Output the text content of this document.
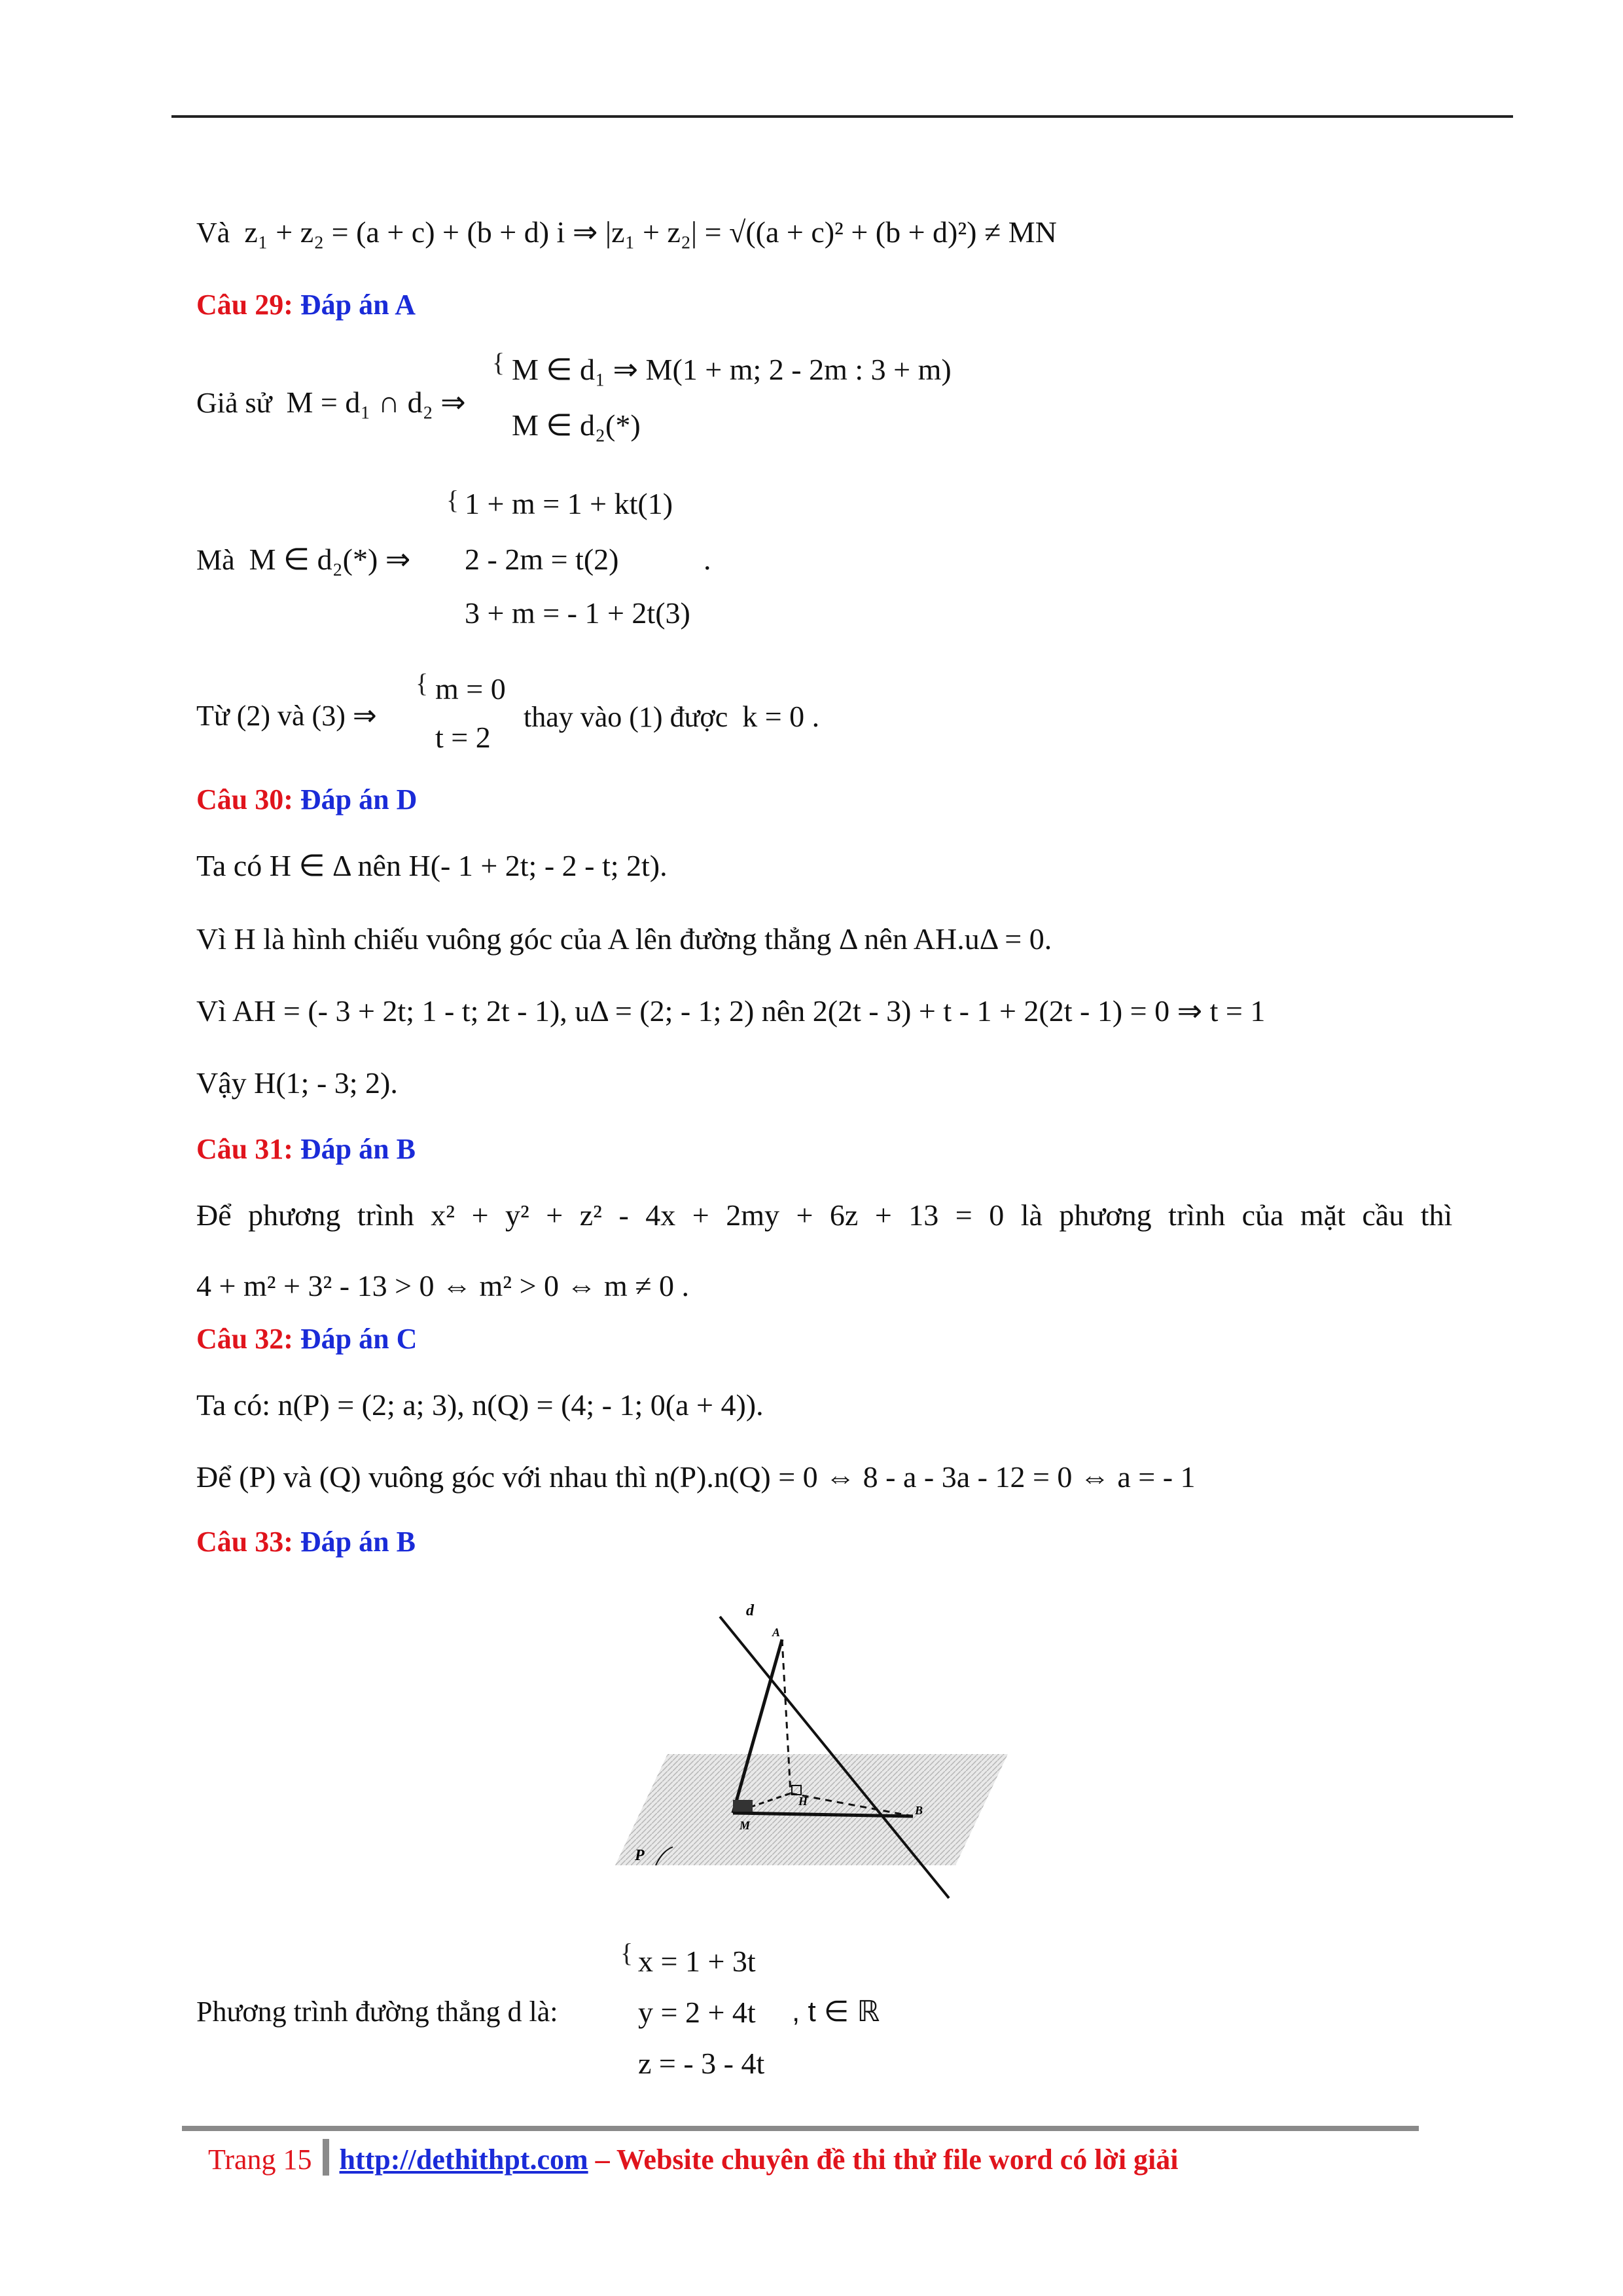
Và z₁ + z₂ = (a + c) + (b + d) i ⇒ |z₁ + z₂| = √((a + c)² + (b + d)²) ≠ MN
Câu 29: Đáp án A
Giả sử M = d₁ ∩ d₂ ⇒
{ M ∈ d₁ ⇒ M(1 + m; 2 - 2m : 3 + m)
M ∈ d₂(*)
Mà M ∈ d₂(*) ⇒
{ 1 + m = 1 + kt(1)
2 - 2m = t(2)
3 + m = - 1 + 2t(3)
.
Từ (2) và (3) ⇒
{ m = 0
t = 2
thay vào (1) được k = 0 .
Câu 30: Đáp án D
Ta có H ∈ Δ nên H(- 1 + 2t; - 2 - t; 2t).
Vì H là hình chiếu vuông góc của A lên đường thẳng Δ nên AH.uΔ = 0.
Vì AH = (- 3 + 2t; 1 - t; 2t - 1), uΔ = (2; - 1; 2) nên 2(2t - 3) + t - 1 + 2(2t - 1) = 0 ⇒ t = 1
Vậy H(1; - 3; 2).
Câu 31: Đáp án B
Để phương trình x² + y² + z² - 4x + 2my + 6z + 13 = 0 là phương trình của mặt cầu thì
4 + m² + 3² - 13 > 0 ⇔ m² > 0 ⇔ m ≠ 0 .
Câu 32: Đáp án C
Ta có: n(P) = (2; a; 3), n(Q) = (4; - 1; 0(a + 4)).
Để (P) và (Q) vuông góc với nhau thì n(P).n(Q) = 0 ⇔ 8 - a - 3a - 12 = 0 ⇔ a = - 1
Câu 33: Đáp án B
d
A
H
M
B
P
Phương trình đường thẳng d là:
{ x = 1 + 3t
y = 2 + 4t
z = - 3 - 4t
, t ∈ ℝ
Trang 15 http://dethithpt.com – Website chuyên đề thi thử file word có lời giải
